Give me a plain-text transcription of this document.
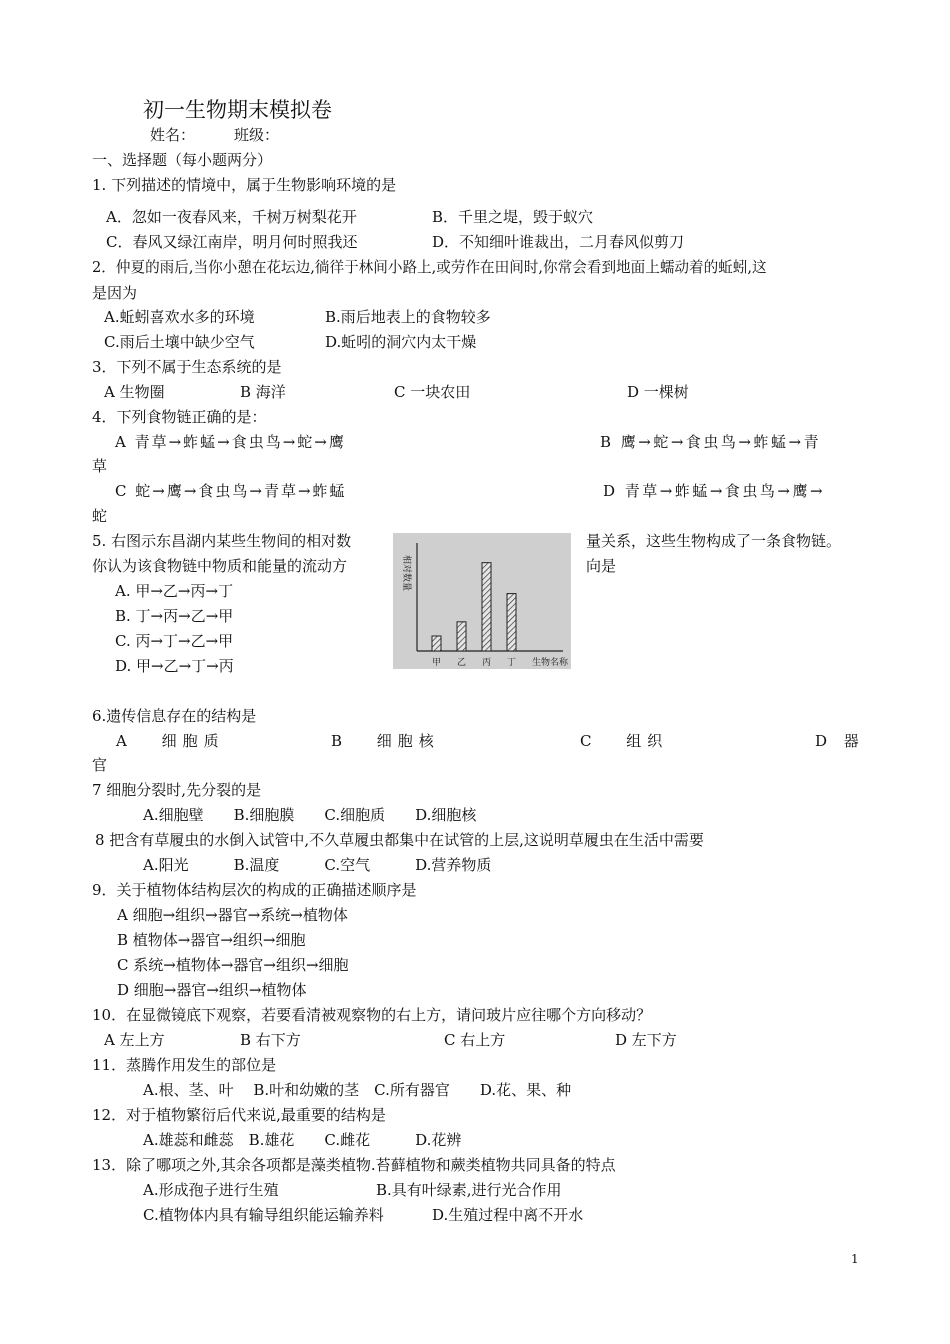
初一生物期末模拟卷
姓名：	班级：
一、选择题（每小题两分）
1. 下列描述的情境中，属于生物影响环境的是
A．忽如一夜春风来，千树万树梨花开	B．千里之堤，毁于蚁穴
C．春风又绿江南岸，明月何时照我还	D．不知细叶谁裁出，二月春风似剪刀
2．仲夏的雨后,当你小憩在花坛边,徜徉于林间小路上,或劳作在田间时,你常会看到地面上蠕动着的蚯蚓,这
是因为
A.蚯蚓喜欢水多的环境	B.雨后地表上的食物较多
C.雨后土壤中缺少空气	D.蚯吲的洞穴内太干燥
3．下列不属于生态系统的是
A 生物圈	B 海洋	C 一块农田	D 一棵树
4．下列食物链正确的是：
A 青草→蚱蜢→食虫鸟→蛇→鹰	B 鹰→蛇→食虫鸟→蚱蜢→青
草
C 蛇→鹰→食虫鸟→青草→蚱蜢	D 青草→蚱蜢→食虫鸟→鹰→
蛇
5. 右图示东昌湖内某些生物间的相对数	量关系，这些生物构成了一条食物链。
你认为该食物链中物质和能量的流动方	向是
A. 甲→乙→丙→丁
B. 丁→丙→乙→甲
C. 丙→丁→乙→甲
D. 甲→乙→丁→丙
相对数量
生物名称
甲 乙 丙 丁
6.遗传信息存在的结构是
A 细胞质	B 细胞核	C 组织	D 器
官
7 细胞分裂时,先分裂的是
A.细胞壁　　B.细胞膜　　C.细胞质　　D.细胞核
8 把含有草履虫的水倒入试管中,不久草履虫都集中在试管的上层,这说明草履虫在生活中需要
A.阳光　　　B.温度　　　C.空气　　　D.营养物质
9．关于植物体结构层次的构成的正确描述顺序是
A 细胞→组织→器官→系统→植物体
B 植物体→器官→组织→细胞
C 系统→植物体→器官→组织→细胞
D 细胞→器官→组织→植物体
10．在显微镜底下观察，若要看清被观察物的右上方，请问玻片应往哪个方向移动？
A 左上方	B 右下方	C 右上方	D 左下方
11．蒸腾作用发生的部位是
A.根、茎、叶　 B.叶和幼嫩的茎　C.所有器官　　D.花、果、种
12．对于植物繁衍后代来说,最重要的结构是
A.雄蕊和雌蕊　B.雄花　　C.雌花　　　D.花辨
13．除了哪项之外,其余各项都是藻类植物.苔藓植物和蕨类植物共同具备的特点
A.形成孢子进行生殖	B.具有叶绿素,进行光合作用
C.植物体内具有输导组织能运输养料	D.生殖过程中离不开水
1
